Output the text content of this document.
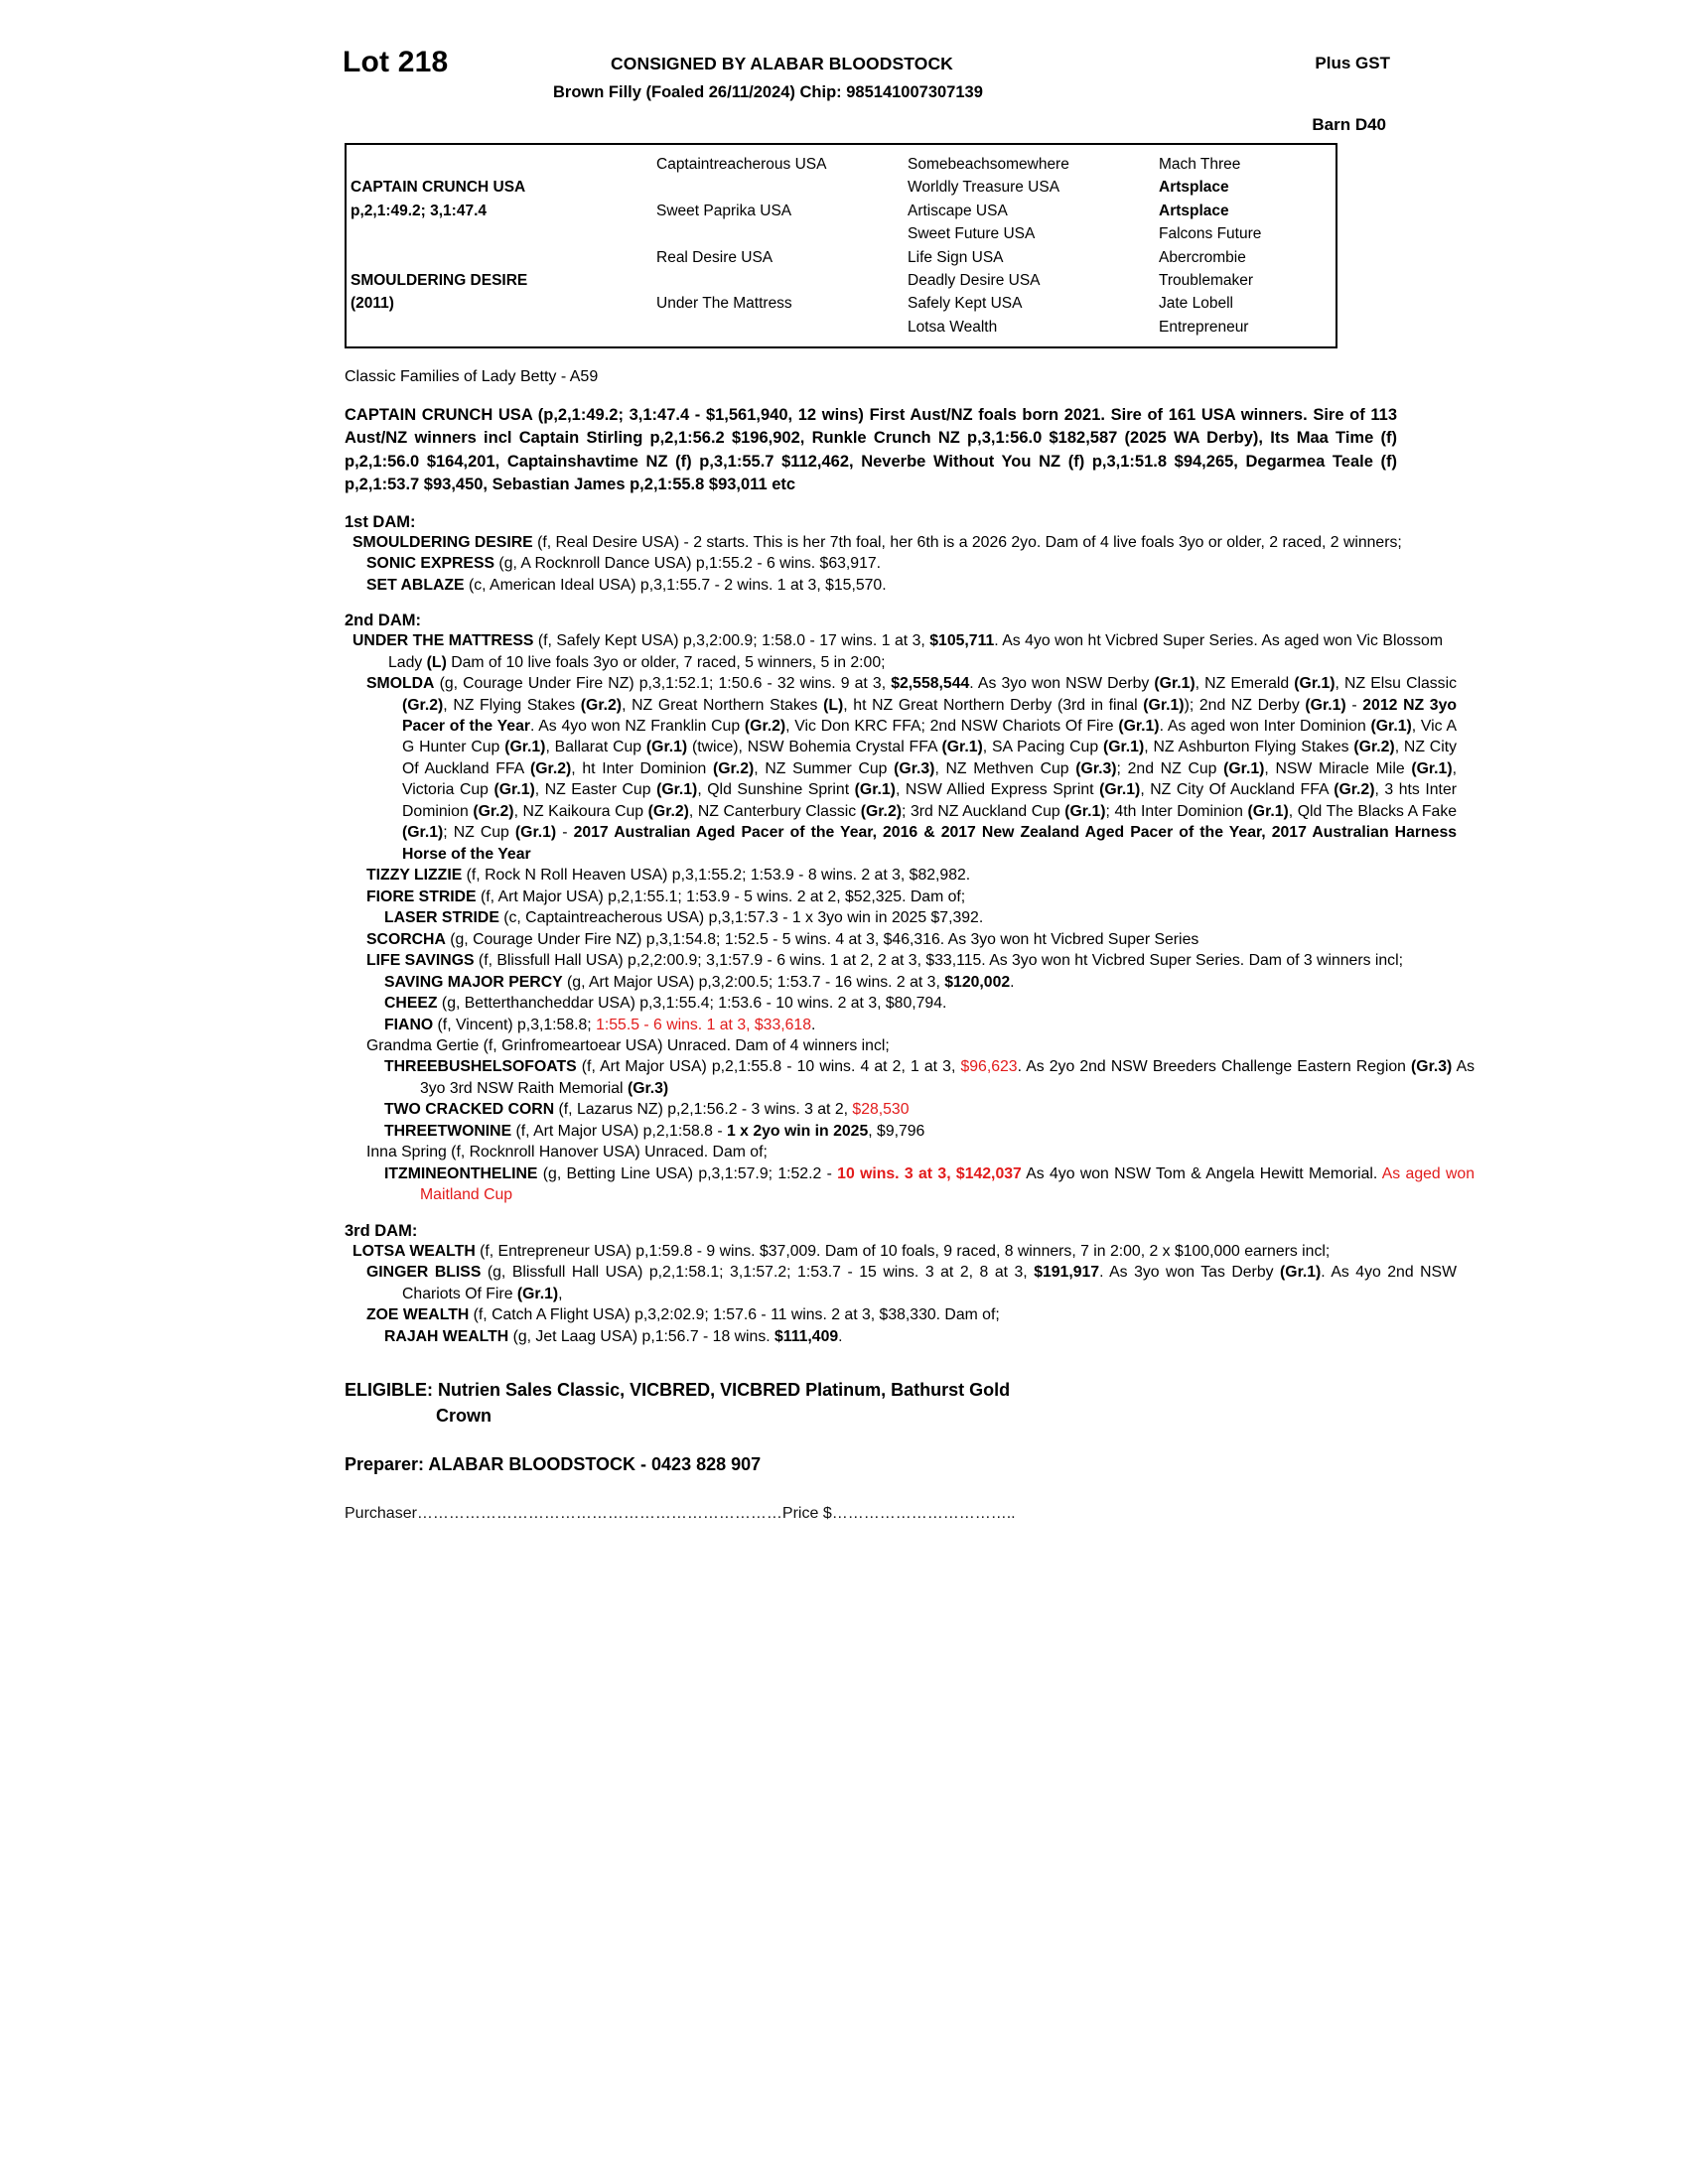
Lot 218	CONSIGNED BY ALABAR BLOODSTOCK
Brown Filly (Foaled 26/11/2024) Chip: 985141007307139
Plus GST
Barn D40
	Captaintreacherous USA	Somebeachsomewhere	Mach Three
CAPTAIN CRUNCH USA		Worldly Treasure USA	Artsplace
p,2,1:49.2; 3,1:47.4	Sweet Paprika USA	Artiscape USA	Artsplace
		Sweet Future USA	Falcons Future
	Real Desire USA	Life Sign USA	Abercrombie
SMOULDERING DESIRE		Deadly Desire USA	Troublemaker
(2011)	Under The Mattress	Safely Kept USA	Jate Lobell
		Lotsa Wealth	Entrepreneur
Classic Families of Lady Betty - A59
CAPTAIN CRUNCH USA (p,2,1:49.2; 3,1:47.4 - $1,561,940, 12 wins) First Aust/NZ foals born 2021. Sire of 161 USA winners. Sire of 113 Aust/NZ winners incl Captain Stirling p,2,1:56.2 $196,902, Runkle Crunch NZ p,3,1:56.0 $182,587 (2025 WA Derby), Its Maa Time (f) p,2,1:56.0 $164,201, Captainshavtime NZ (f) p,3,1:55.7 $112,462, Neverbe Without You NZ (f) p,3,1:51.8 $94,265, Degarmea Teale (f) p,2,1:53.7 $93,450, Sebastian James p,2,1:55.8 $93,011 etc
1st DAM:
SMOULDERING DESIRE (f, Real Desire USA) - 2 starts. This is her 7th foal, her 6th is a 2026 2yo. Dam of 4 live foals 3yo or older, 2 raced, 2 winners;
SONIC EXPRESS (g, A Rocknroll Dance USA) p,1:55.2 - 6 wins. $63,917.
SET ABLAZE (c, American Ideal USA) p,3,1:55.7 - 2 wins. 1 at 3, $15,570.
2nd DAM:
UNDER THE MATTRESS (f, Safely Kept USA) p,3,2:00.9; 1:58.0 - 17 wins. 1 at 3, $105,711. As 4yo won ht Vicbred Super Series. As aged won Vic Blossom Lady (L) Dam of 10 live foals 3yo or older, 7 raced, 5 winners, 5 in 2:00;
SMOLDA (g, Courage Under Fire NZ) p,3,1:52.1; 1:50.6 - 32 wins. 9 at 3, $2,558,544. As 3yo won NSW Derby (Gr.1), NZ Emerald (Gr.1), NZ Elsu Classic (Gr.2), NZ Flying Stakes (Gr.2), NZ Great Northern Stakes (L), ht NZ Great Northern Derby (3rd in final (Gr.1)); 2nd NZ Derby (Gr.1) - 2012 NZ 3yo Pacer of the Year. As 4yo won NZ Franklin Cup (Gr.2), Vic Don KRC FFA; 2nd NSW Chariots Of Fire (Gr.1). As aged won Inter Dominion (Gr.1), Vic A G Hunter Cup (Gr.1), Ballarat Cup (Gr.1) (twice), NSW Bohemia Crystal FFA (Gr.1), SA Pacing Cup (Gr.1), NZ Ashburton Flying Stakes (Gr.2), NZ City Of Auckland FFA (Gr.2), ht Inter Dominion (Gr.2), NZ Summer Cup (Gr.3), NZ Methven Cup (Gr.3); 2nd NZ Cup (Gr.1), NSW Miracle Mile (Gr.1), Victoria Cup (Gr.1), NZ Easter Cup (Gr.1), Qld Sunshine Sprint (Gr.1), NSW Allied Express Sprint (Gr.1), NZ City Of Auckland FFA (Gr.2), 3 hts Inter Dominion (Gr.2), NZ Kaikoura Cup (Gr.2), NZ Canterbury Classic (Gr.2); 3rd NZ Auckland Cup (Gr.1); 4th Inter Dominion (Gr.1), Qld The Blacks A Fake (Gr.1); NZ Cup (Gr.1) - 2017 Australian Aged Pacer of the Year, 2016 & 2017 New Zealand Aged Pacer of the Year, 2017 Australian Harness Horse of the Year
TIZZY LIZZIE (f, Rock N Roll Heaven USA) p,3,1:55.2; 1:53.9 - 8 wins. 2 at 3, $82,982.
FIORE STRIDE (f, Art Major USA) p,2,1:55.1; 1:53.9 - 5 wins. 2 at 2, $52,325. Dam of;
LASER STRIDE (c, Captaintreacherous USA) p,3,1:57.3 - 1 x 3yo win in 2025 $7,392.
SCORCHA (g, Courage Under Fire NZ) p,3,1:54.8; 1:52.5 - 5 wins. 4 at 3, $46,316. As 3yo won ht Vicbred Super Series
LIFE SAVINGS (f, Blissfull Hall USA) p,2,2:00.9; 3,1:57.9 - 6 wins. 1 at 2, 2 at 3, $33,115. As 3yo won ht Vicbred Super Series. Dam of 3 winners incl;
SAVING MAJOR PERCY (g, Art Major USA) p,3,2:00.5; 1:53.7 - 16 wins. 2 at 3, $120,002.
CHEEZ (g, Betterthancheddar USA) p,3,1:55.4; 1:53.6 - 10 wins. 2 at 3, $80,794.
FIANO (f, Vincent) p,3,1:58.8; 1:55.5 - 6 wins. 1 at 3, $33,618.
Grandma Gertie (f, Grinfromeartoear USA) Unraced. Dam of 4 winners incl;
THREEBUSHELSOFOATS (f, Art Major USA) p,2,1:55.8 - 10 wins. 4 at 2, 1 at 3, $96,623. As 2yo 2nd NSW Breeders Challenge Eastern Region (Gr.3) As 3yo 3rd NSW Raith Memorial (Gr.3)
TWO CRACKED CORN (f, Lazarus NZ) p,2,1:56.2 - 3 wins. 3 at 2, $28,530
THREETWONINE (f, Art Major USA) p,2,1:58.8 - 1 x 2yo win in 2025, $9,796
Inna Spring (f, Rocknroll Hanover USA) Unraced. Dam of;
ITZMINEONTHELINE (g, Betting Line USA) p,3,1:57.9; 1:52.2 - 10 wins. 3 at 3, $142,037 As 4yo won NSW Tom & Angela Hewitt Memorial. As aged won Maitland Cup
3rd DAM:
LOTSA WEALTH (f, Entrepreneur USA) p,1:59.8 - 9 wins. $37,009. Dam of 10 foals, 9 raced, 8 winners, 7 in 2:00, 2 x $100,000 earners incl;
GINGER BLISS (g, Blissfull Hall USA) p,2,1:58.1; 3,1:57.2; 1:53.7 - 15 wins. 3 at 2, 8 at 3, $191,917. As 3yo won Tas Derby (Gr.1). As 4yo 2nd NSW Chariots Of Fire (Gr.1),
ZOE WEALTH (f, Catch A Flight USA) p,3,2:02.9; 1:57.6 - 11 wins. 2 at 3, $38,330. Dam of;
RAJAH WEALTH (g, Jet Laag USA) p,1:56.7 - 18 wins. $111,409.
ELIGIBLE: Nutrien Sales Classic, VICBRED, VICBRED Platinum, Bathurst Gold
Crown
Preparer: ALABAR BLOODSTOCK - 0423 828 907
Purchaser……………………………………………………………Price $……………………………..
